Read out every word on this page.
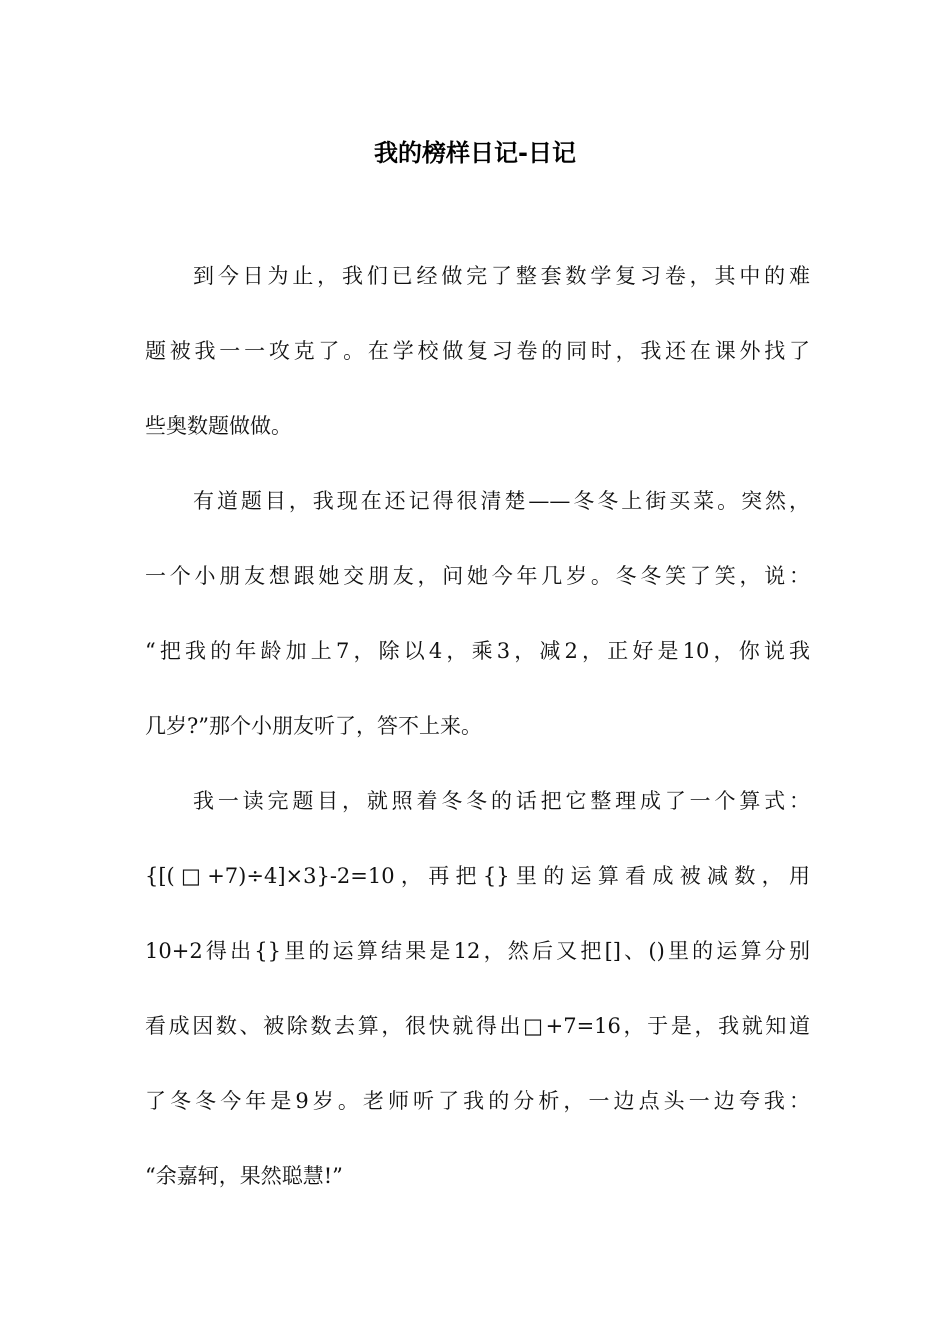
我的榜样日记-日记
到今日为止，我们已经做完了整套数学复习卷，其中的难
题被我一一攻克了。在学校做复习卷的同时，我还在课外找了
些奥数题做做。
有道题目，我现在还记得很清楚——冬冬上街买菜。突然，
一个小朋友想跟她交朋友，问她今年几岁。冬冬笑了笑，说：
“把我的年龄加上7，除以4，乘3，减2，正好是10，你说我
几岁?”那个小朋友听了，答不上来。
我一读完题目，就照着冬冬的话把它整理成了一个算式：
{[(□+7)÷4]×3}-2=10，再把{}里的运算看成被减数，用
10+2得出{}里的运算结果是12，然后又把[]、()里的运算分别
看成因数、被除数去算，很快就得出□+7=16，于是，我就知道
了冬冬今年是9岁。老师听了我的分析，一边点头一边夸我：
“余嘉轲，果然聪慧!”
